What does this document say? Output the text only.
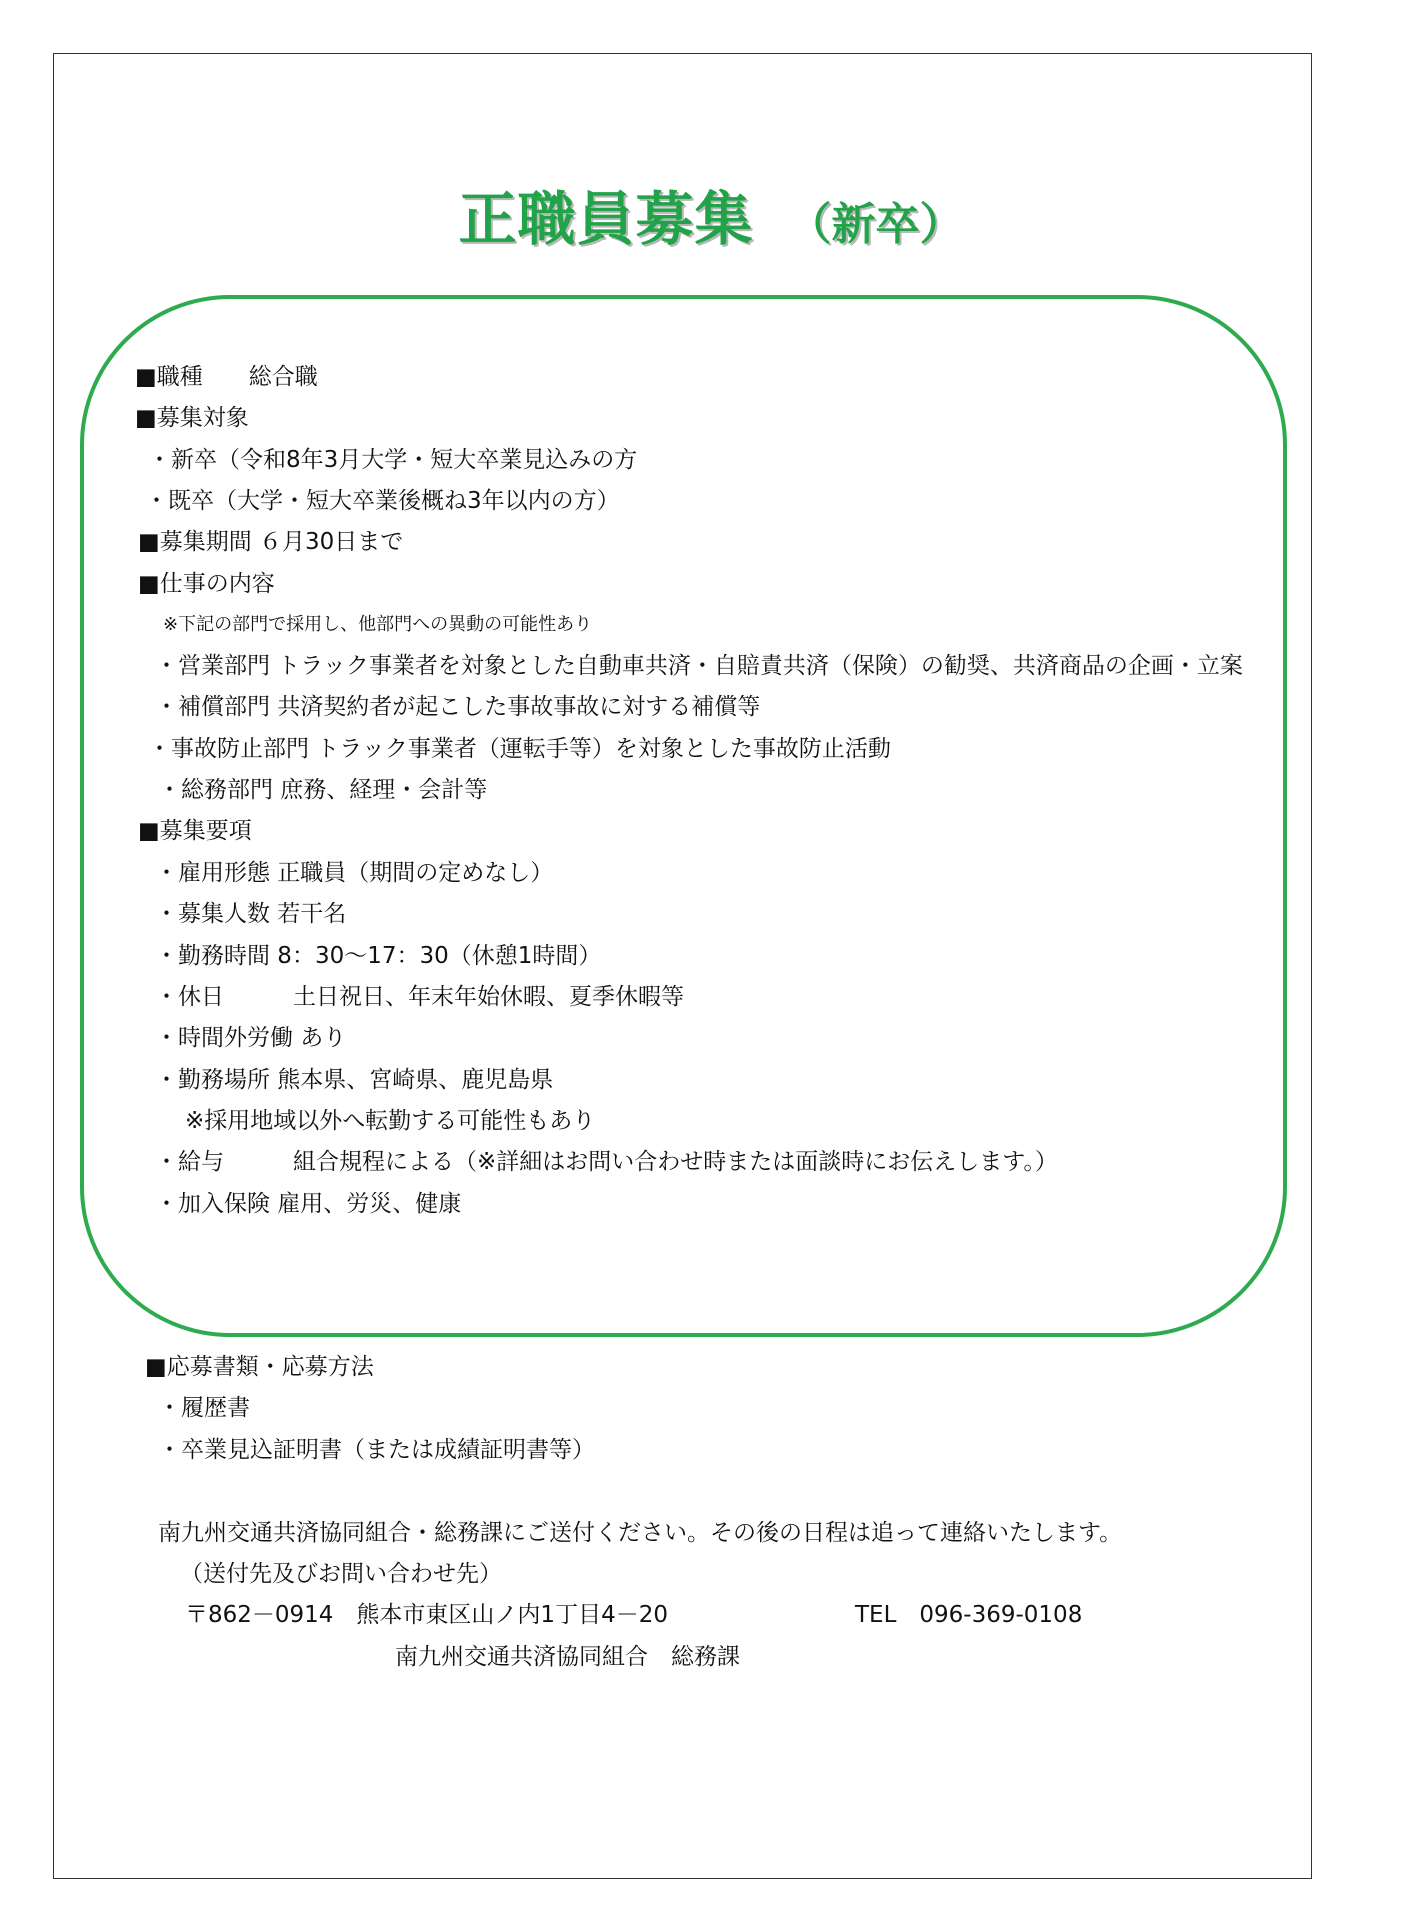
正職員募集 （新卒）
■職種　　総合職
■募集対象
・新卒（令和8年3月大学・短大卒業見込みの方
・既卒（大学・短大卒業後概ね3年以内の方）
■募集期間 ６月30日まで
■仕事の内容
※下記の部門で採用し、他部門への異動の可能性あり
・営業部門 トラック事業者を対象とした自動車共済・自賠責共済（保険）の勧奨、共済商品の企画・立案
・補償部門 共済契約者が起こした事故事故に対する補償等
・事故防止部門 トラック事業者（運転手等）を対象とした事故防止活動
・総務部門 庶務、経理・会計等
■募集要項
・雇用形態 正職員（期間の定めなし）
・募集人数 若干名
・勤務時間 8：30～17：30（休憩1時間）
・休日　　　土日祝日、年末年始休暇、夏季休暇等
・時間外労働 あり
・勤務場所 熊本県、宮崎県、鹿児島県
※採用地域以外へ転勤する可能性もあり
・給与　　　組合規程による（※詳細はお問い合わせ時または面談時にお伝えします。）
・加入保険 雇用、労災、健康
■応募書類・応募方法
・履歴書
・卒業見込証明書（または成績証明書等）
南九州交通共済協同組合・総務課にご送付ください。その後の日程は追って連絡いたします。
（送付先及びお問い合わせ先）
〒862－0914　熊本市東区山ノ内1丁目4－20	TEL　096-369-0108
南九州交通共済協同組合　総務課
